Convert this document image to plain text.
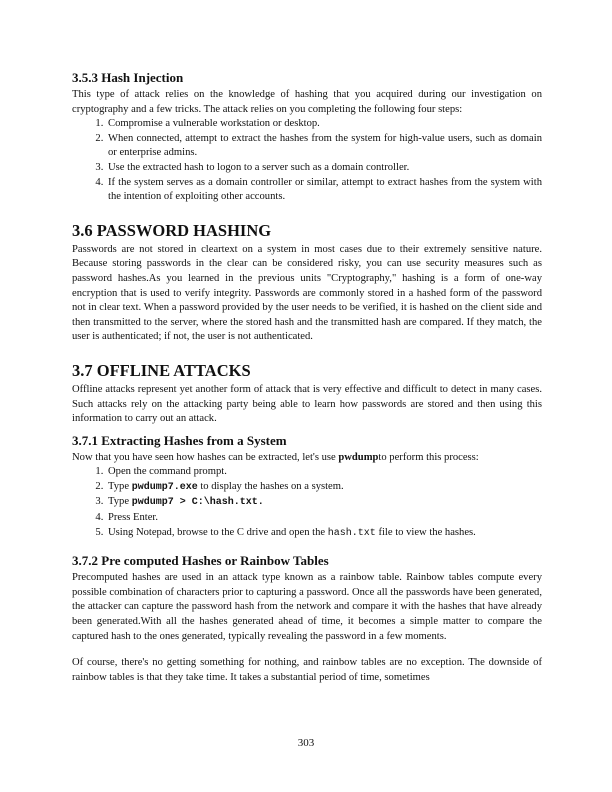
3.5.3 Hash Injection

This type of attack relies on the knowledge of hashing that you acquired during our investigation on cryptography and a few tricks. The attack relies on you completing the following four steps:

1. Compromise a vulnerable workstation or desktop.
2. When connected, attempt to extract the hashes from the system for high-value users, such as domain or enterprise admins.
3. Use the extracted hash to logon to a server such as a domain controller.
4. If the system serves as a domain controller or similar, attempt to extract hashes from the system with the intention of exploiting other accounts.
3.6 PASSWORD HASHING

Passwords are not stored in cleartext on a system in most cases due to their extremely sensitive nature. Because storing passwords in the clear can be considered risky, you can use security measures such as password hashes.As you learned in the previous units "Cryptography," hashing is a form of one-way encryption that is used to verify integrity. Passwords are commonly stored in a hashed form of the password not in clear text. When a password provided by the user needs to be verified, it is hashed on the client side and then transmitted to the server, where the stored hash and the transmitted hash are compared. If they match, the user is authenticated; if not, the user is not authenticated.

3.7 OFFLINE ATTACKS

Offline attacks represent yet another form of attack that is very effective and difficult to detect in many cases. Such attacks rely on the attacking party being able to learn how passwords are stored and then using this information to carry out an attack.

3.7.1 Extracting Hashes from a System

Now that you have seen how hashes can be extracted, let's use pwdumpto perform this process:

1. Open the command prompt.
2. Type pwdump7.exe to display the hashes on a system.
3. Type pwdump7 > C:\hash.txt.
4. Press Enter.
5. Using Notepad, browse to the C drive and open the hash.txt file to view the hashes.
3.7.2 Pre computed Hashes or Rainbow Tables

Precomputed hashes are used in an attack type known as a rainbow table. Rainbow tables compute every possible combination of characters prior to capturing a password. Once all the passwords have been generated, the attacker can capture the password hash from the network and compare it with the hashes that have already been generated.With all the hashes generated ahead of time, it becomes a simple matter to compare the captured hash to the ones generated, typically revealing the password in a few moments.

Of course, there's no getting something for nothing, and rainbow tables are no exception. The downside of rainbow tables is that they take time. It takes a substantial period of time, sometimes

303
